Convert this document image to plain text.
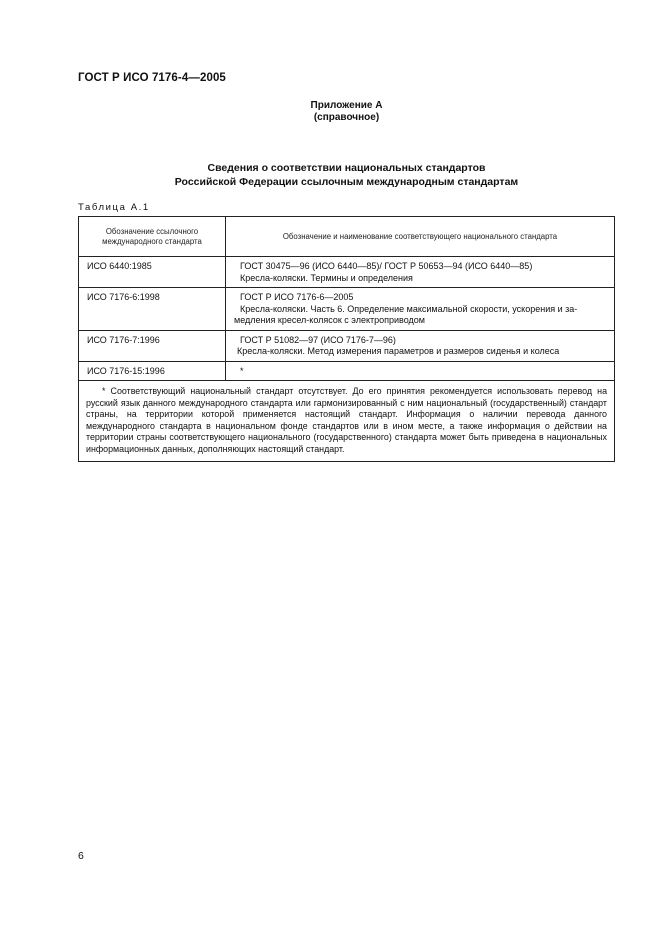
ГОСТ Р ИСО 7176-4—2005
Приложение А
(справочное)
Сведения о соответствии национальных стандартов
Российской Федерации ссылочным международным стандартам
Таблица А.1
Обозначение ссылочного международного стандарта	Обозначение и наименование соответствующего национального стандарта

ИСО 6440:1985	ГОСТ 30475—96 (ИСО 6440—85)/ ГОСТ Р 50653—94 (ИСО 6440—85)
Кресла-коляски. Термины и определения

ИСО 7176-6:1998	ГОСТ Р ИСО 7176-6—2005
Кресла-коляски. Часть 6. Определение максимальной скорости, ускорения и за-
медления кресел-колясок с электроприводом

ИСО 7176-7:1996	ГОСТ Р 51082—97 (ИСО 7176-7—96)
Кресла-коляски. Метод измерения параметров и размеров сиденья и колеса

ИСО 7176-15:1996	*

* Соответствующий национальный стандарт отсутствует. До его принятия рекомендуется использовать перевод на русский язык данного международного стандарта или гармонизированный с ним национальный (государственный) стандарт страны, на территории которой применяется настоящий стандарт. Информация о наличии перевода данного международного стандарта в национальном фонде стандартов или в ином месте, а также информация о действии на территории страны соответствующего национального (государственного) стандарта может быть приведена в национальных информационных данных, дополняющих настоящий стандарт.	
6
